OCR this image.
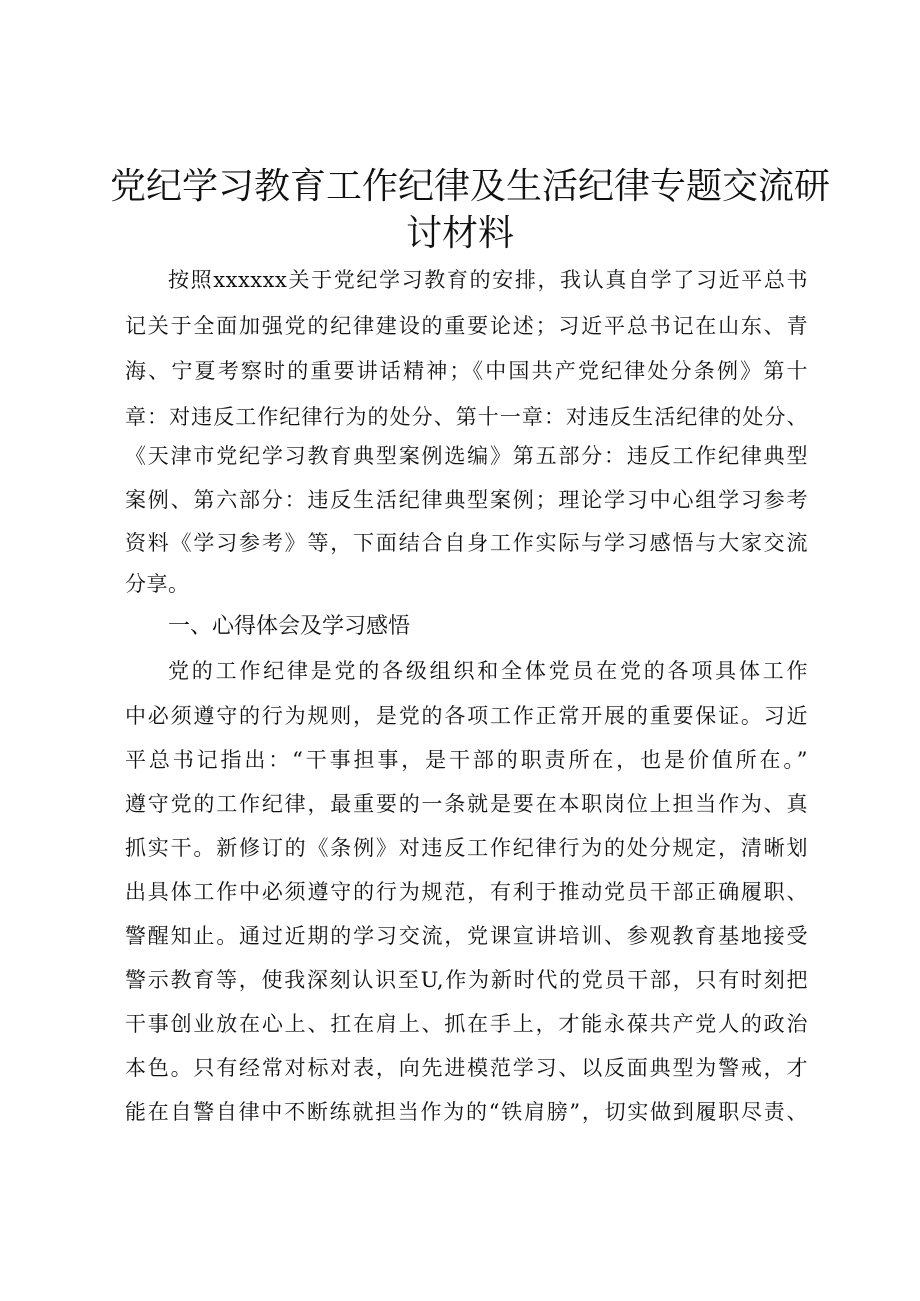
党纪学习教育工作纪律及生活纪律专题交流研
讨材料
按照xxxxxx关于党纪学习教育的安排，我认真自学了习近平总书
记关于全面加强党的纪律建设的重要论述；习近平总书记在山东、青
海、宁夏考察时的重要讲话精神；《中国共产党纪律处分条例》第十
章：对违反工作纪律行为的处分、第十一章：对违反生活纪律的处分、
《天津市党纪学习教育典型案例选编》第五部分：违反工作纪律典型
案例、第六部分：违反生活纪律典型案例；理论学习中心组学习参考
资料《学习参考》等，下面结合自身工作实际与学习感悟与大家交流
分享。
一、心得体会及学习感悟
党的工作纪律是党的各级组织和全体党员在党的各项具体工作
中必须遵守的行为规则，是党的各项工作正常开展的重要保证。习近
平总书记指出：“干事担事，是干部的职责所在，也是价值所在。”
遵守党的工作纪律，最重要的一条就是要在本职岗位上担当作为、真
抓实干。新修订的《条例》对违反工作纪律行为的处分规定，清晰划
出具体工作中必须遵守的行为规范，有利于推动党员干部正确履职、
警醒知止。通过近期的学习交流，党课宣讲培训、参观教育基地接受
警示教育等，使我深刻认识至U,作为新时代的党员干部，只有时刻把
干事创业放在心上、扛在肩上、抓在手上，才能永葆共产党人的政治
本色。只有经常对标对表，向先进模范学习、以反面典型为警戒，才
能在自警自律中不断练就担当作为的“铁肩膀”，切实做到履职尽责、
